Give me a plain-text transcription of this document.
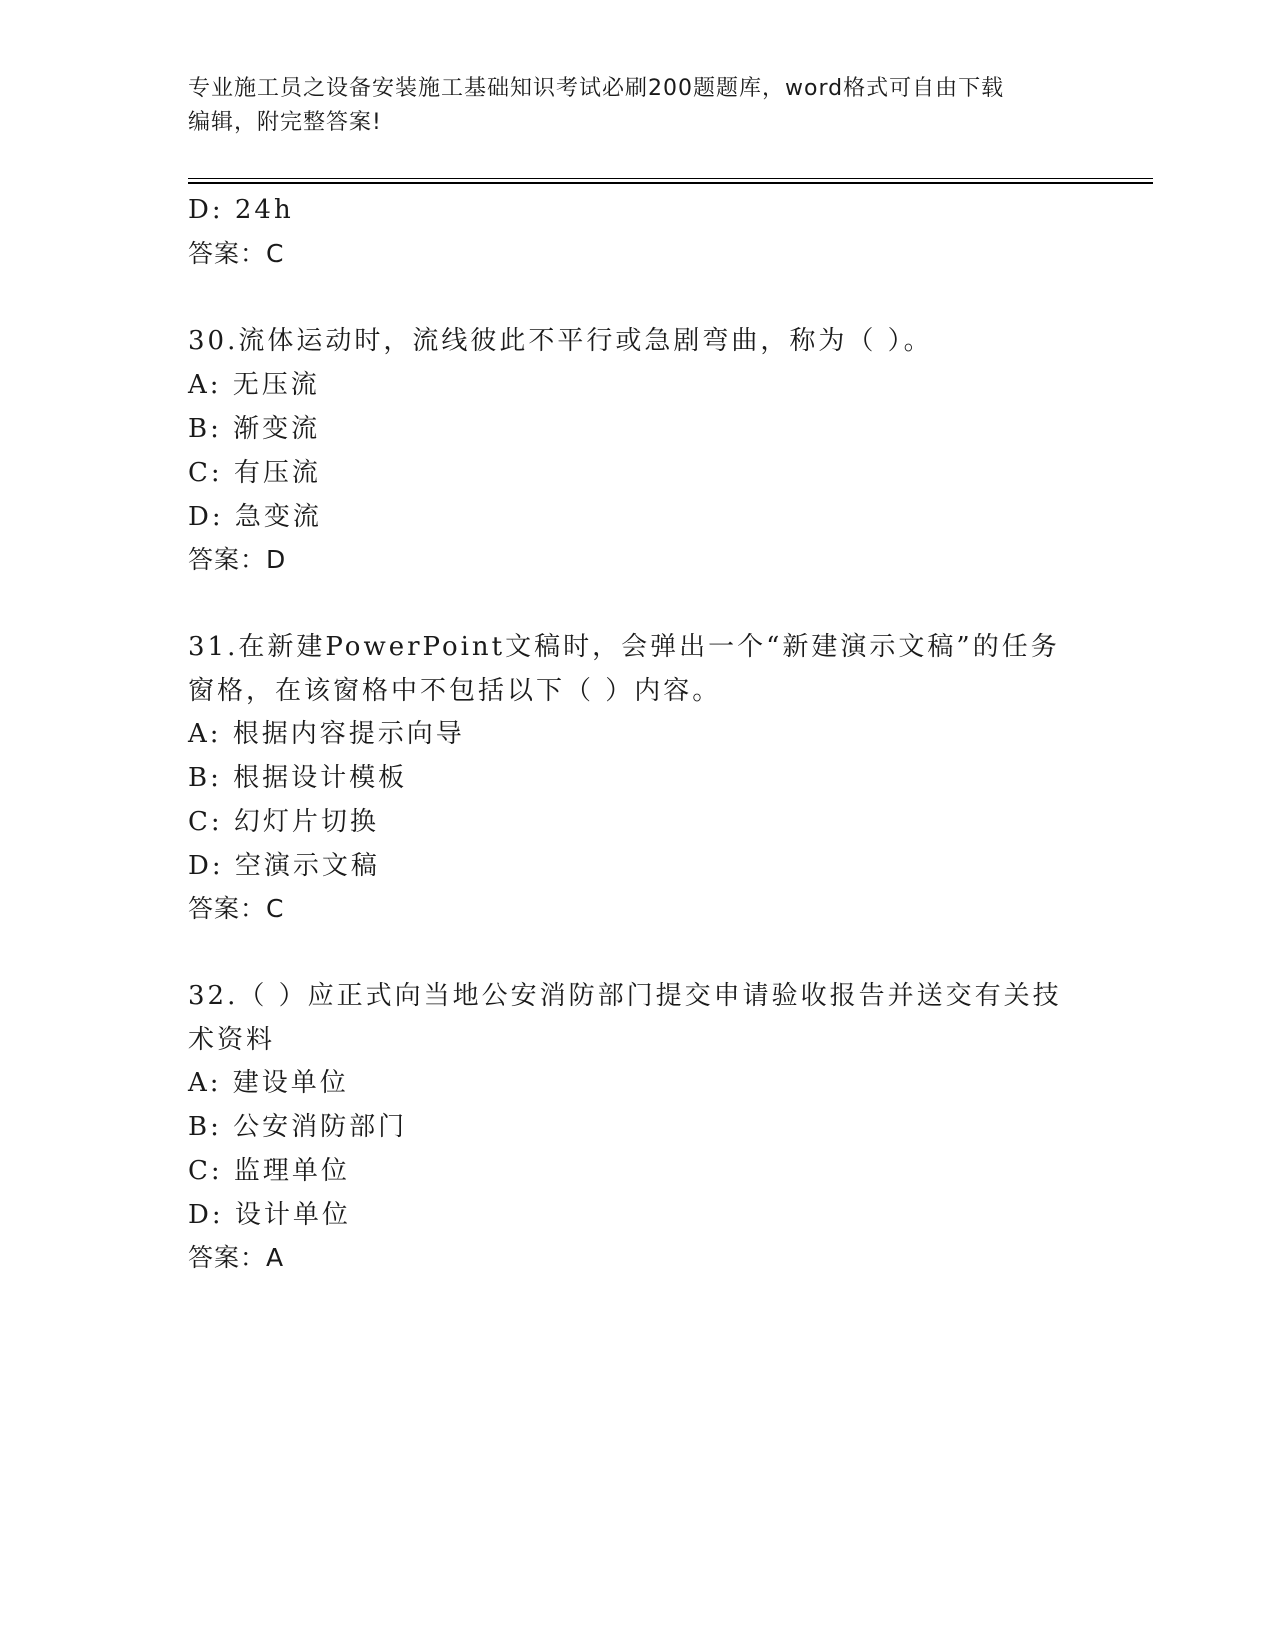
专业施工员之设备安装施工基础知识考试必刷200题题库，word格式可自由下载
编辑，附完整答案!
D: 24h
答案：C
30.流体运动时，流线彼此不平行或急剧弯曲，称为（ ）。
A: 无压流
B: 渐变流
C: 有压流
D: 急变流
答案：D
31.在新建PowerPoint文稿时，会弹出一个“新建演示文稿”的任务
窗格，在该窗格中不包括以下（ ）内容。
A: 根据内容提示向导
B: 根据设计模板
C: 幻灯片切换
D: 空演示文稿
答案：C
32.（ ）应正式向当地公安消防部门提交申请验收报告并送交有关技
术资料
A: 建设单位
B: 公安消防部门
C: 监理单位
D: 设计单位
答案：A
